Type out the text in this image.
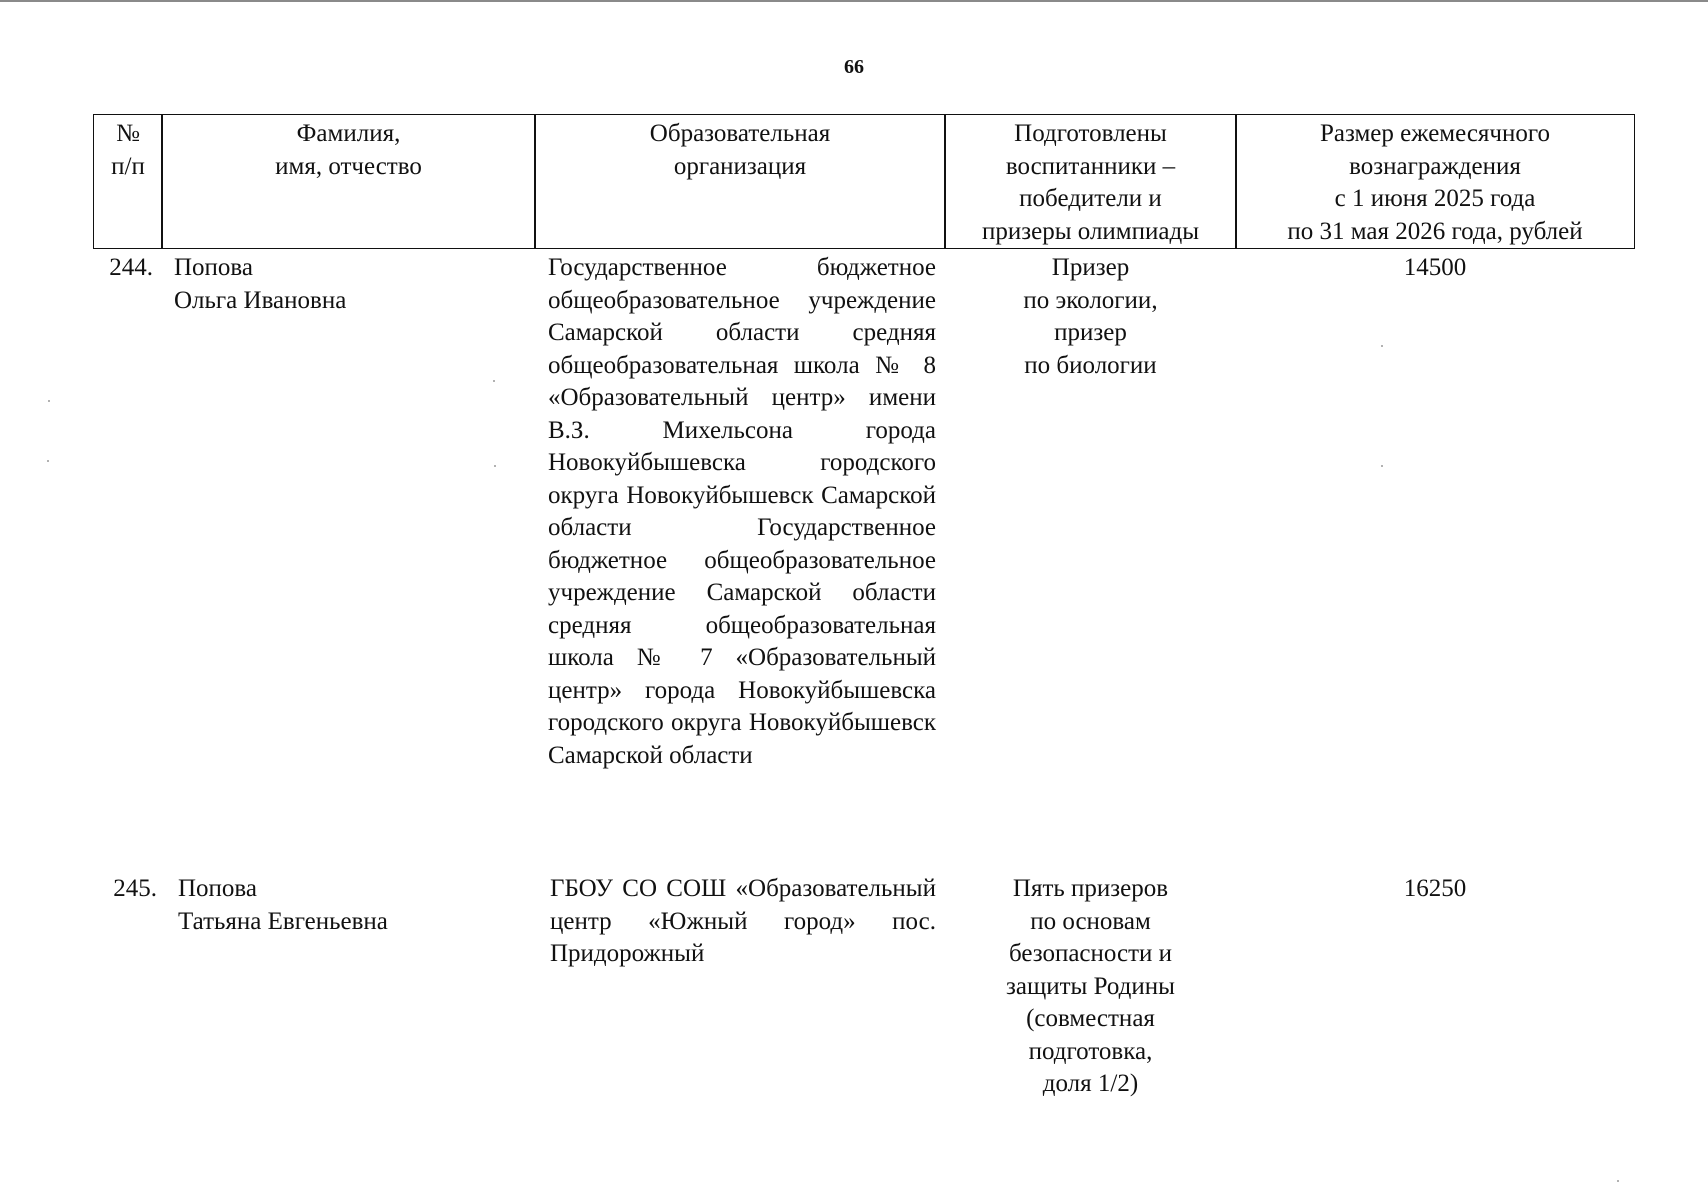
66
№
п/п
Фамилия,
имя, отчество
Образовательная
организация
Подготовлены
воспитанники –
победители и
призеры олимпиады
Размер ежемесячного
вознаграждения
с 1 июня 2025 года
по 31 мая 2026 года, рублей
244. Попова
Ольга Ивановна
Государственное бюджетное общеобразовательное учреждение Самарской области средняя общеобразовательная школа № 8 «Образовательный центр» имени В.З. Михельсона города Новокуйбышевска городского округа Новокуйбышевск Самарской области Государственное бюджетное общеобразовательное учреждение Самарской области средняя общеобразовательная школа № 7 «Образовательный центр» города Новокуйбышевска городского округа Новокуйбышевск Самарской области
Призер
по экологии,
призер
по биологии
14500
245. Попова
Татьяна Евгеньевна
ГБОУ СО СОШ «Образовательный центр «Южный город» пос. Придорожный
Пять призеров
по основам
безопасности и
защиты Родины
(совместная
подготовка,
доля 1/2)
16250
